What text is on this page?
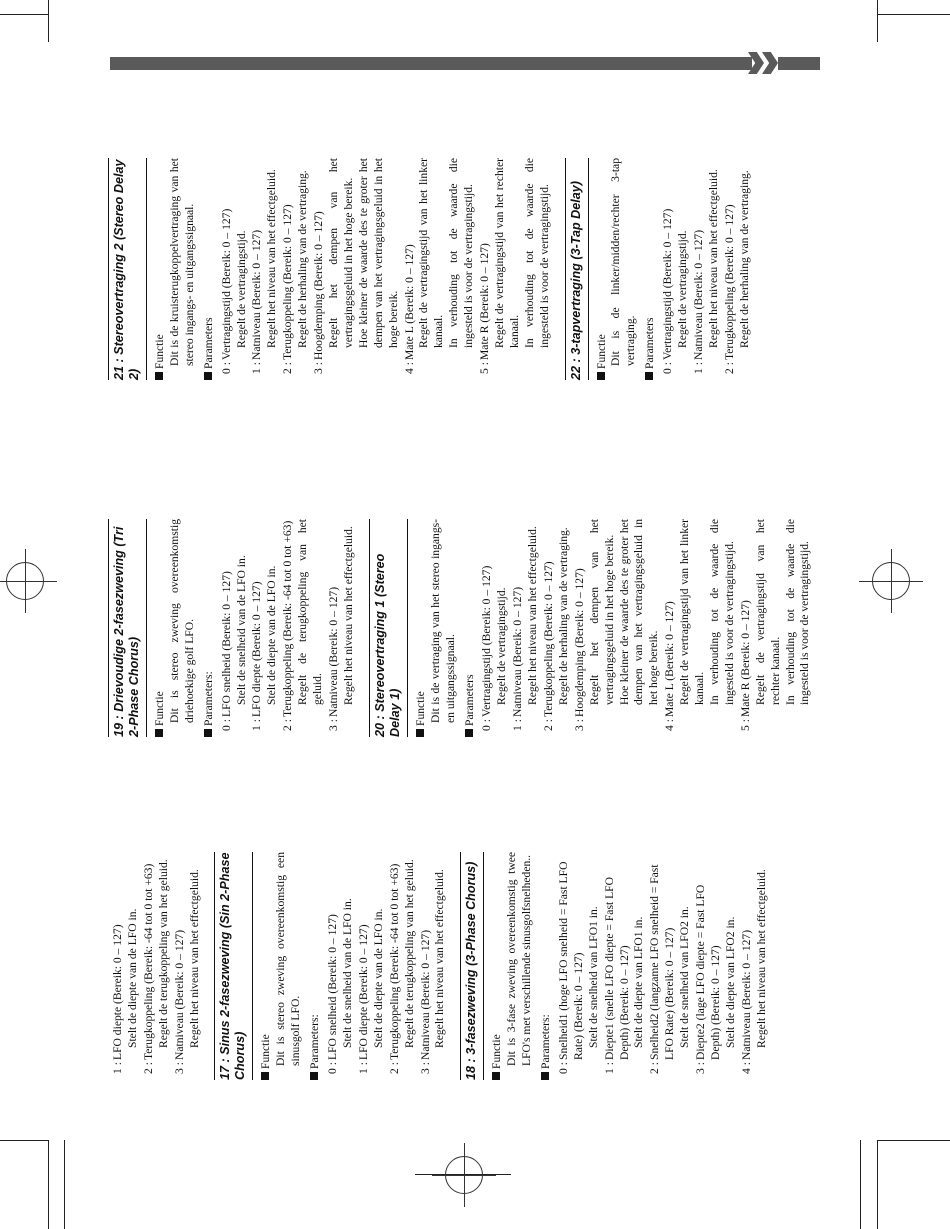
1 :
LFO diepte (Bereik: 0 – 127) Stelt de diepte van de LFO in.
2 :
Terugkoppeling (Bereik: -64 tot 0 tot +63) Regelt de terugkoppeling van het geluid.
3 :
Natniveau (Bereik: 0 – 127) Regelt het niveau van het effectgeluid.	17 : Sinus 2-fasezweving (Sin 2-Phase Chorus)	Functie Dit is stereo zweving overeenkomstig een sinusgolf LFO. Parameters: 0 :
LFO snelheid (Bereik: 0 – 127) Stelt de snelheid van de LFO in.
1 :
LFO diepte (Bereik: 0 – 127) Stelt de diepte van de LFO in.
2 :
Terugkoppeling (Bereik: -64 tot 0 tot +63) Regelt de terugkoppeling van het geluid.
3 :
Natniveau (Bereik: 0 – 127) Regelt het niveau van het effectgeluid.	18 : 3-fasezweving (3-Phase Chorus)	Functie Dit is 3-fase zweving overeenkomstig twee LFO's met verschillende sinusgolfsnelheden.. Parameters: 0 :
Snelheid1 (hoge LFO snelheid = Fast LFO Rate) (Bereik: 0 – 127) Stelt de snelheid van LFO1 in.
1 :
Diepte1 (snelle LFO diepte = Fast LFO Depth) (Bereik: 0 – 127) Stelt de diepte van LFO1 in.
2 :
Snelheid2 (langzame LFO snelheid = Fast LFO Rate) (Bereik: 0 – 127) Stelt de snelheid van LFO2 in.
3 :
Diepte2 (lage LFO diepte = Fast LFO Depth) (Bereik: 0 – 127) Stelt de diepte van LFO2 in.
4 :
Natniveau (Bereik: 0 – 127) Regelt het niveau van het effectgeluid.
19 : Drievoudige 2-fasezweving (Tri 2-Phase Chorus)	Functie Dit is stereo zweving overeenkomstig driehoekige golf LFO. Parameters: 0 :
LFO snelheid (Bereik: 0 – 127) Stelt de snelheid van de LFO in.
1 :
LFO diepte (Bereik: 0 – 127) Stelt de diepte van de LFO in.
2 :
Terugkoppeling (Bereik: -64 tot 0 tot +63) Regelt de terugkoppeling van het geluid.
3 :
Natniveau (Bereik: 0 – 127) Regelt het niveau van het effectgeluid.	20 : Stereovertraging 1 (Stereo Delay 1)	Functie Dit is de vertraging van het stereo ingangs- en uitgangssignaal. Parameters 0 :
Vertragingstijd (Bereik: 0 – 127) Regelt de vertragingstijd.
1 :
Natniveau (Bereik: 0 – 127) Regelt het niveau van het effectgeluid.
2 :
Terugkoppeling (Bereik: 0 – 127) Regelt de herhaling van de vertraging.
3 :
Hoogdemping (Bereik: 0 – 127) Regelt het dempen van het vertragingsgeluid in het hoge bereik. Hoe kleiner de waarde des te groter het dempen van het vertragingsgeluid in het hoge bereik.
4 :
Mate L (Bereik: 0 – 127) Regelt de vertragingstijd van het linker kanaal. In verhouding tot de waarde die ingesteld is voor de vertragingstijd.
5 :
Mate R (Bereik: 0 – 127) Regelt de vertragingstijd van het rechter kanaal. In verhouding tot de waarde die ingesteld is voor de vertragingstijd.
21 : Stereovertraging 2 (Stereo Delay 2)
Functie Dit is de kruisterugkoppelvertraging van het stereo ingangs- en uitgangssignaal. Parameters 0 :
Vertragingstijd (Bereik: 0 – 127) Regelt de vertragingstijd.
1 :
Natniveau (Bereik: 0 – 127) Regelt het niveau van het effectgeluid.
2 :
Terugkoppeling (Bereik: 0 – 127) Regelt de herhaling van de vertraging.
3 :
Hoogdemping (Bereik: 0 – 127) Regelt het dempen van het vertragingsgeluid in het hoge bereik. Hoe kleiner de waarde des te groter het dempen van het vertragingsgeluid in het hoge bereik.
4 :
Mate L (Bereik: 0 – 127) Regelt de vertragingstijd van het linker kanaal. In verhouding tot de waarde die ingesteld is voor de vertragingstijd.
5 :
Mate R (Bereik: 0 – 127) Regelt de vertragingstijd van het rechter kanaal. In verhouding tot de waarde die ingesteld is voor de vertragingstijd.	22 : 3-tapvertraging (3-Tap Delay)	Functie Dit is de linker/midden/rechter 3-tap vertraging. Parameters 0 :
Vertragingstijd (Bereik: 0 – 127) Regelt de vertragingstijd.
1 :
Natniveau (Bereik: 0 – 127) Regelt het niveau van het effectgeluid.
2 :
Terugkoppeling (Bereik: 0 – 127) Regelt de herhaling van de vertraging.
